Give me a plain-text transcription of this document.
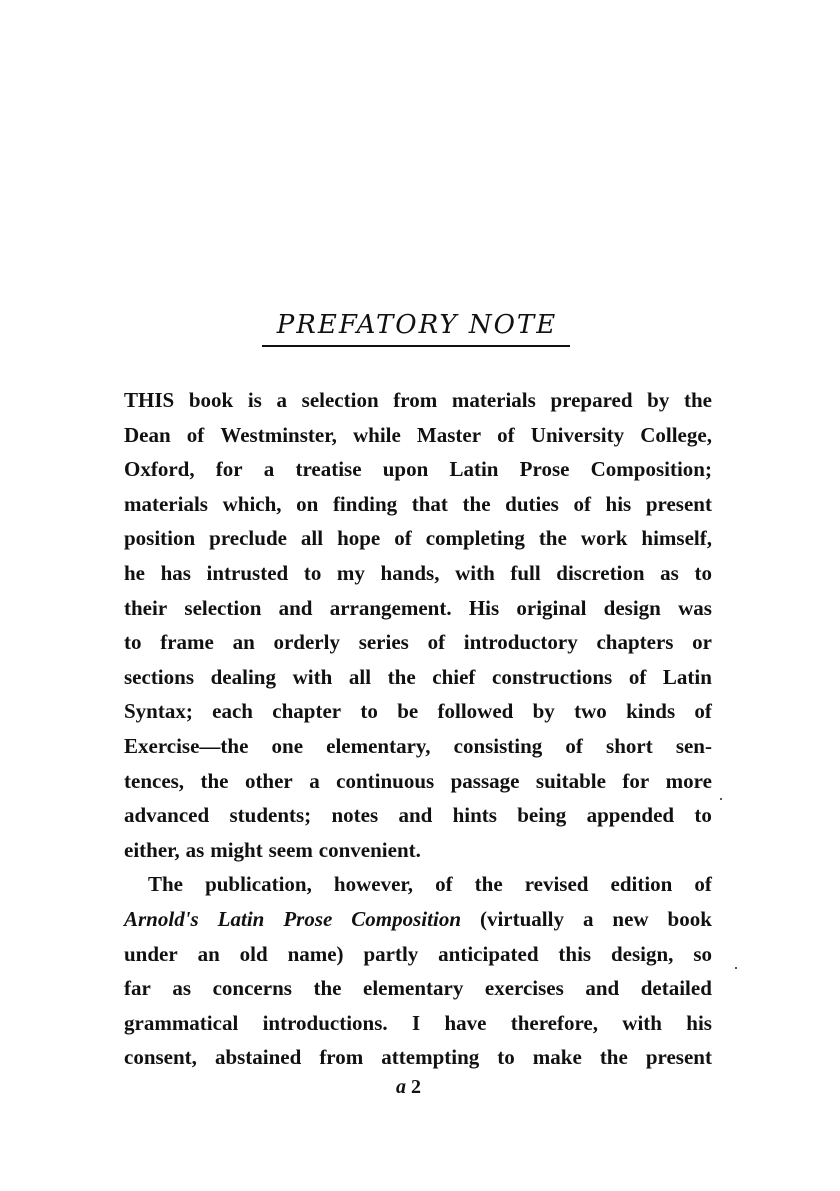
PREFATORY NOTE
THIS book is a selection from materials prepared by the
Dean of Westminster, while Master of University College,
Oxford, for a treatise upon Latin Prose Composition;
materials which, on finding that the duties of his present
position preclude all hope of completing the work himself,
he has intrusted to my hands, with full discretion as to
their selection and arrangement. His original design was
to frame an orderly series of introductory chapters or
sections dealing with all the chief constructions of Latin
Syntax; each chapter to be followed by two kinds of
Exercise—the one elementary, consisting of short sen-
tences, the other a continuous passage suitable for more
advanced students; notes and hints being appended to
either, as might seem convenient.
The publication, however, of the revised edition of
Arnold's Latin Prose Composition (virtually a new book
under an old name) partly anticipated this design, so
far as concerns the elementary exercises and detailed
grammatical introductions. I have therefore, with his
consent, abstained from attempting to make the present
a 2
